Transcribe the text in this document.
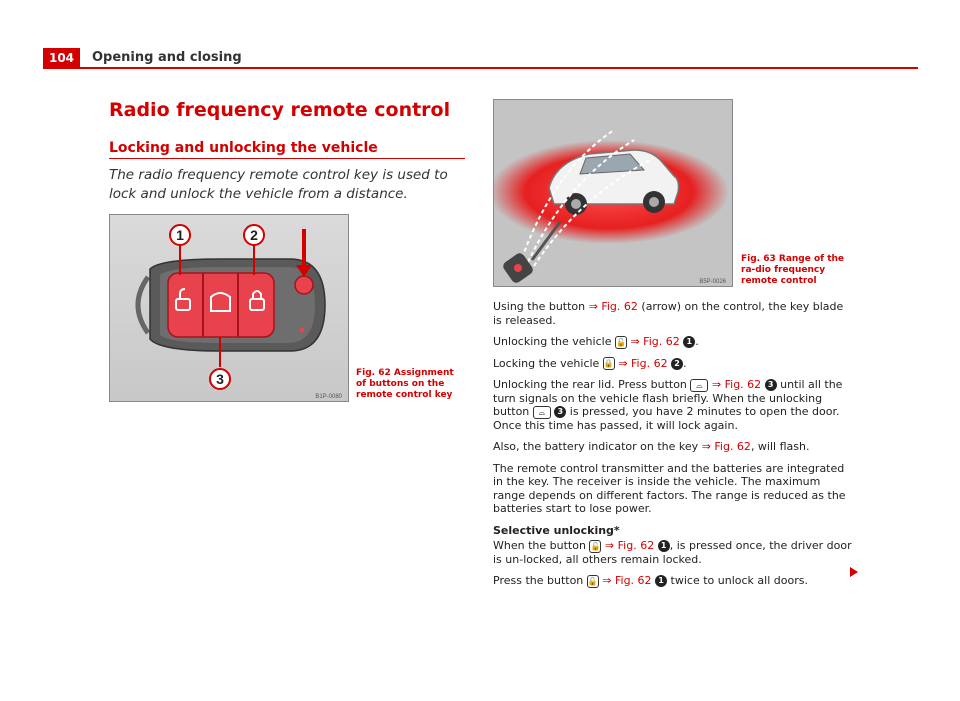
104	Opening and closing
Radio frequency remote control
Locking and unlocking the vehicle
The radio frequency remote control key is used to lock and unlock the vehicle from a distance.
1	2
3
B1P-0080
Fig. 62 Assignment of buttons on the remote control key
B5P-0026
Fig. 63 Range of the ra-dio frequency remote control

Using the button ⇒ Fig. 62 (arrow) on the control, the key blade is released.

Unlocking the vehicle 🔓 ⇒ Fig. 62 1 .

Locking the vehicle 🔒 ⇒ Fig. 62 2 .

Unlocking the rear lid. Press button ⌓ ⇒ Fig. 62 3 until all the turn signals on the vehicle flash briefly. When the unlocking button ⌓ 3 is pressed, you have 2 minutes to open the door. Once this time has passed, it will lock again.

Also, the battery indicator on the key ⇒ Fig. 62, will flash.

The remote control transmitter and the batteries are integrated in the key. The receiver is inside the vehicle. The maximum range depends on different factors. The range is reduced as the batteries start to lose power.

Selective unlocking*

When the button 🔓 ⇒ Fig. 62 1 , is pressed once, the driver door is un-locked, all others remain locked.

Press the button 🔓 ⇒ Fig. 62 1 twice to unlock all doors.
